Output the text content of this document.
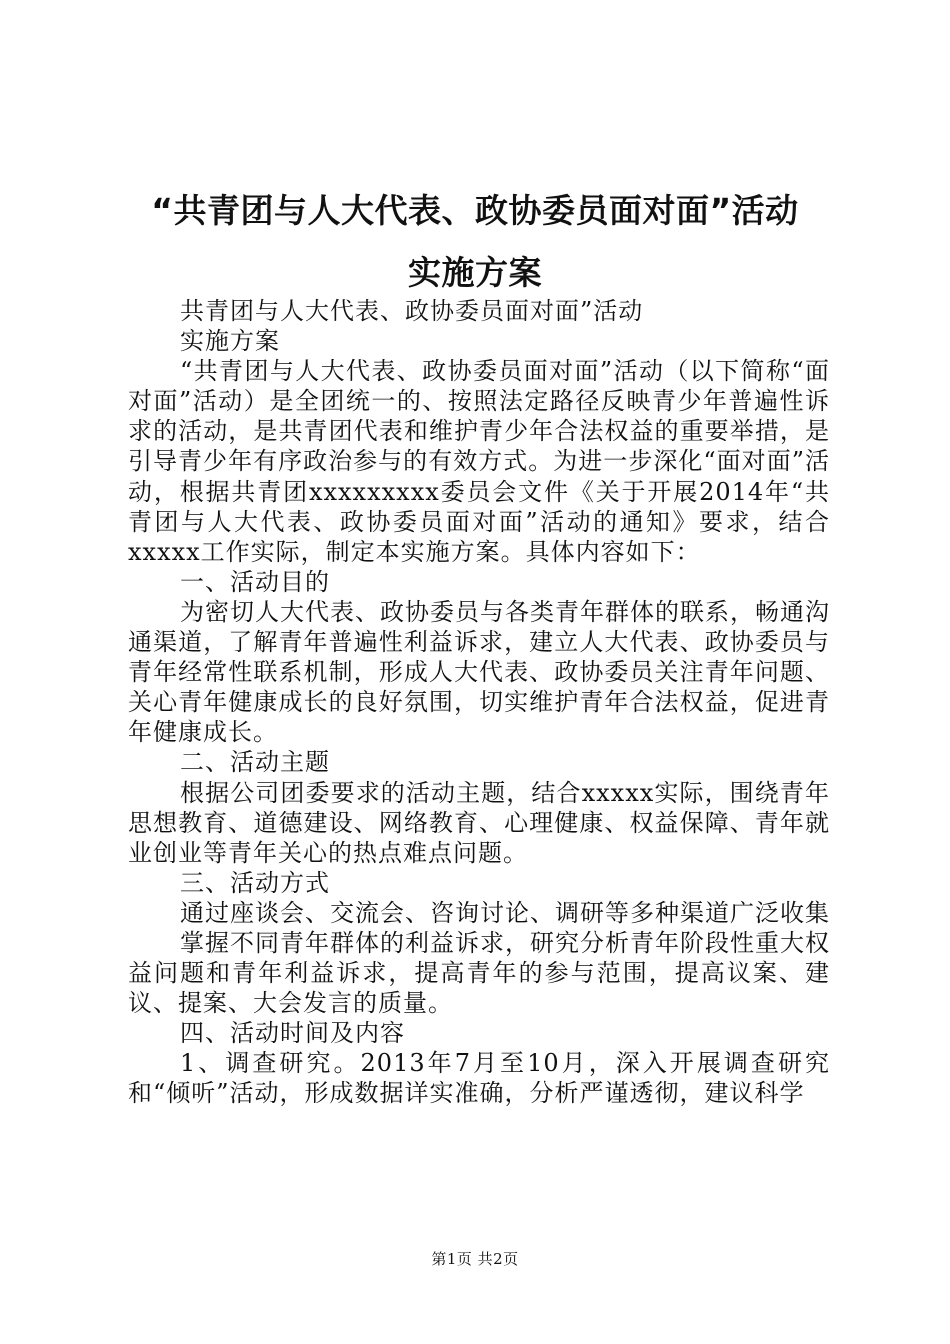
“共青团与人大代表、政协委员面对面”活动
实施方案

共青团与人大代表、政协委员面对面”活动

实施方案

“共青团与人大代表、政协委员面对面”活动（以下简称“面对面”活动）是全团统一的、按照法定路径反映青少年普遍性诉求的活动，是共青团代表和维护青少年合法权益的重要举措，是引导青少年有序政治参与的有效方式。为进一步深化“面对面”活动，根据共青团xxxxxxxxx委员会文件《关于开展2014年“共青团与人大代表、政协委员面对面”活动的通知》要求，结合xxxxx工作实际，制定本实施方案。具体内容如下：

一、活动目的

为密切人大代表、政协委员与各类青年群体的联系，畅通沟通渠道，了解青年普遍性利益诉求，建立人大代表、政协委员与青年经常性联系机制，形成人大代表、政协委员关注青年问题、关心青年健康成长的良好氛围，切实维护青年合法权益，促进青年健康成长。

二、活动主题

根据公司团委要求的活动主题，结合xxxxx实际，围绕青年思想教育、道德建设、网络教育、心理健康、权益保障、青年就业创业等青年关心的热点难点问题。

三、活动方式

通过座谈会、交流会、咨询讨论、调研等多种渠道广泛收集

掌握不同青年群体的利益诉求，研究分析青年阶段性重大权益问题和青年利益诉求，提高青年的参与范围，提高议案、建议、提案、大会发言的质量。

四、活动时间及内容

1、调查研究。2013年7月至10月，深入开展调查研究和“倾听”活动，形成数据详实准确，分析严谨透彻，建议科学

第1页 共2页
